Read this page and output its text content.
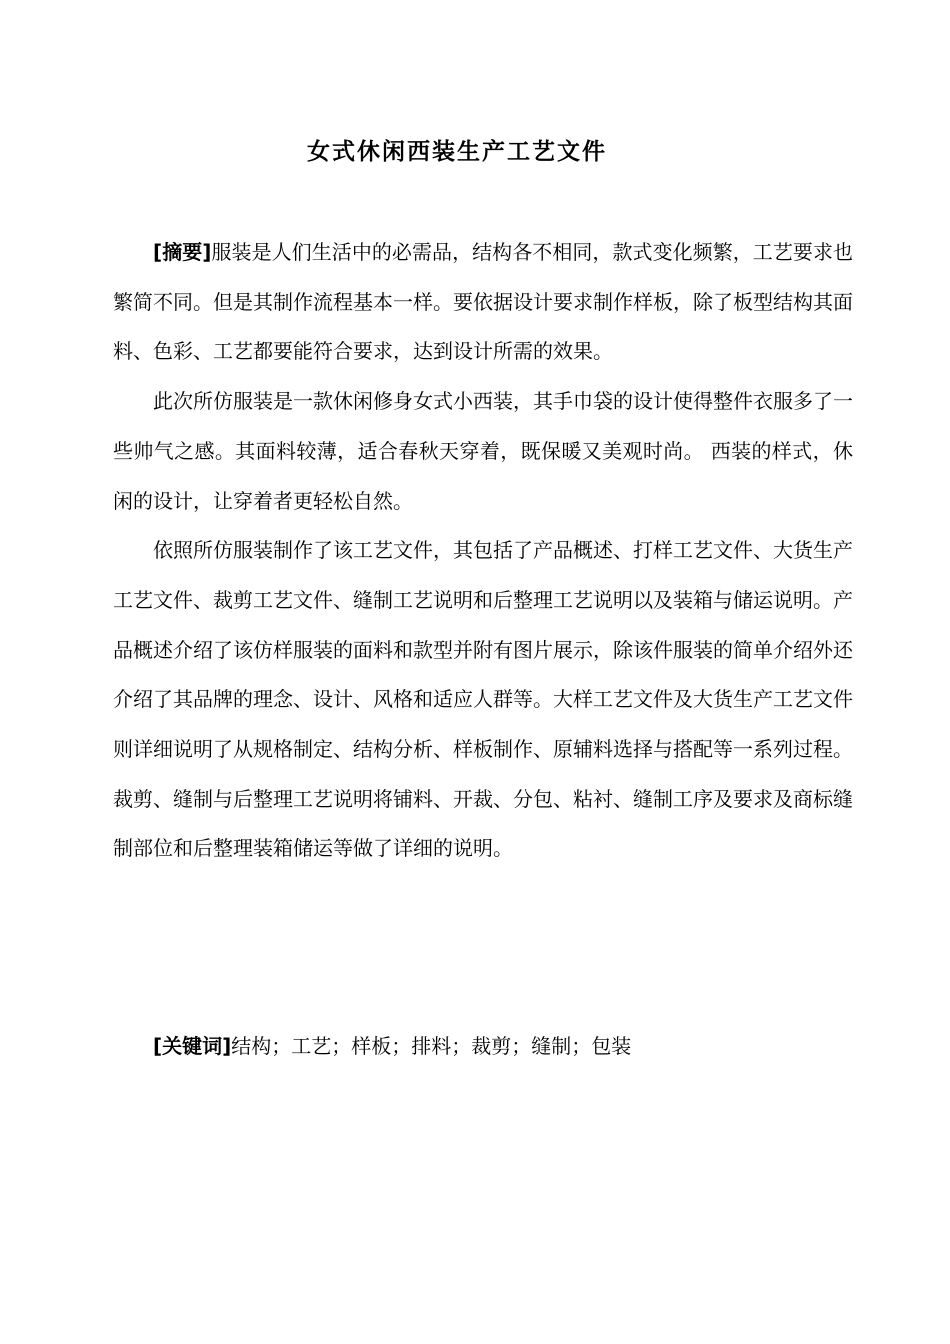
女式休闲西装生产工艺文件

[摘要]服装是人们生活中的必需品，结构各不相同，款式变化频繁，工艺要求也繁简不同。但是其制作流程基本一样。要依据设计要求制作样板，除了板型结构其面料、色彩、工艺都要能符合要求，达到设计所需的效果。

此次所仿服装是一款休闲修身女式小西装，其手巾袋的设计使得整件衣服多了一些帅气之感。其面料较薄，适合春秋天穿着，既保暖又美观时尚。 西装的样式，休闲的设计，让穿着者更轻松自然。

依照所仿服装制作了该工艺文件，其包括了产品概述、打样工艺文件、大货生产工艺文件、裁剪工艺文件、缝制工艺说明和后整理工艺说明以及装箱与储运说明。产品概述介绍了该仿样服装的面料和款型并附有图片展示，除该件服装的简单介绍外还介绍了其品牌的理念、设计、风格和适应人群等。大样工艺文件及大货生产工艺文件则详细说明了从规格制定、结构分析、样板制作、原辅料选择与搭配等一系列过程。裁剪、缝制与后整理工艺说明将铺料、开裁、分包、粘衬、缝制工序及要求及商标缝制部位和后整理装箱储运等做了详细的说明。

[关键词]结构；工艺；样板；排料；裁剪；缝制；包装
